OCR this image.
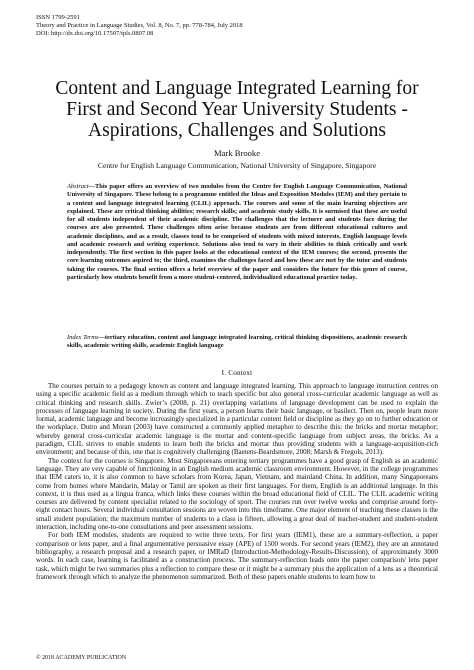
ISSN 1799-2591
Theory and Practice in Language Studies, Vol. 8, No. 7, pp. 778-784, July 2018
DOI: http://dx.doi.org/10.17507/tpls.0807.08
Content and Language Integrated Learning for First and Second Year University Students - Aspirations, Challenges and Solutions
Mark Brooke
Centre for English Language Communication, National University of Singapore, Singapore
Abstract—This paper offers an overview of two modules from the Centre for English Language Communication, National University of Singapore. These belong to a programme entitled the Ideas and Exposition Modules (IEM) and they pertain to a content and language integrated learning (CLIL) approach. The courses and some of the main learning objectives are explained. These are critical thinking abilities; research skills; and academic study skills. It is surmised that these are useful for all students independent of their academic discipline. The challenges that the lecturer and students face during the courses are also presented. These challenges often arise because students are from different educational cultures and academic disciplines, and as a result, classes tend to be comprised of students with mixed interests, English language levels and academic research and writing experience. Solutions also tend to vary in their abilities to think critically and work independently. The first section in this paper looks at the educational context of the IEM courses; the second, presents the core learning outcomes aspired to; the third, examines the challenges faced and how these are met by the tutor and students taking the courses. The final section offers a brief overview of the paper and considers the future for this genre of course, particularly how students benefit from a more student-centered, individualized educational practice today.
Index Terms—tertiary education, content and language integrated learning, critical thinking dispositions, academic research skills, academic writing skills, academic English language
I. Context

The courses pertain to a pedagogy known as content and language integrated learning. This approach to language instruction centres on using a specific academic field as a medium through which to teach specific but also general cross-curricular academic language as well as critical thinking and research skills. Zwier’s (2008, p. 21) overlapping variations of language development can be used to explain the processes of language learning in society. During the first years, a person learns their basic language, or basilect. Then on, people learn more formal, academic language and become increasingly specialized in a particular content field or discipline as they go on to further education or the workplace. Dutro and Moran (2003) have constructed a commonly applied metaphor to describe this: the bricks and mortar metaphor; whereby general cross-curricular academic language is the mortar and content-specific language from subject areas, the bricks. As a paradigm, CLIL strives to enable students to learn both the bricks and mortar thus providing students with a language-acquisition-rich environment; and because of this, one that is cognitively challenging (Baetens-Beardsmore, 2008; Marsh & Fregols, 2013).

The context for the courses is Singapore. Most Singaporeans entering tertiary programmes have a good grasp of English as an academic language. They are very capable of functioning in an English medium academic classroom environment. However, in the college programmes that IEM caters to, it is also common to have scholars from Korea, Japan, Vietnam, and mainland China. In addition, many Singaporeans come from homes where Mandarin, Malay or Tamil are spoken as their first languages. For them, English is an additional language. In this context, it is thus used as a lingua franca, which links these courses within the broad educational field of CLIL. The CLIL academic writing courses are delivered by content specialist related to the sociology of sport. The courses run over twelve weeks and comprise around forty-eight contact hours. Several individual consultation sessions are woven into this timeframe. One major element of teaching these classes is the small student population; the maximum number of students to a class is fifteen, allowing a great deal of teacher-student and student-student interaction, including one-to-one consultations and peer assessment sessions.

For both IEM modules, students are required to write three texts. For first years (IEM1), these are a summary-reflection, a paper comparison or lens paper, and a final argumentative persuasive essay (APE) of 1500 words. For second years (IEM2), they are an annotated bibliography, a research proposal and a research paper, or IMRaD (Introduction-Methodology-Results-Discussion), of approximately 3000 words. In each case, learning is facilitated as a construction process. The summary-reflection leads onto the paper comparison/ lens paper task, which might be two summaries plus a reflection to compare these or it might be a summary plus the application of a lens as a theoretical framework through which to analyze the phenomenon summarized. Both of these papers enable students to learn how to

© 2018 ACADEMY PUBLICATION
